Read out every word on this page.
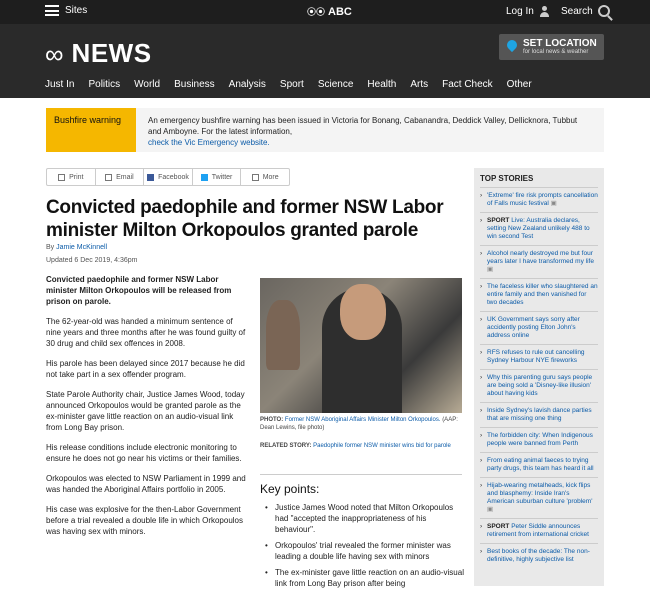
Sites	⦿⦿ ABC	Log In	Search
∞ NEWS	SET LOCATION
for local news & weather
Just In Politics World Business Analysis Sport Science Health Arts Fact Check Other
Bushfire warning	An emergency bushfire warning has been issued in Victoria for Bonang, Cabanandra, Deddick Valley, Dellicknora, Tubbut and Amboyne. For the latest information,
check the Vic Emergency website.
Print	Email	Facebook	Twitter	More
Convicted paedophile and former NSW Labor minister Milton Orkopoulos granted parole
By Jamie McKinnell
Updated 6 Dec 2019, 4:36pm

Convicted paedophile and former NSW Labor minister Milton Orkopoulos will be released from prison on parole.

The 62-year-old was handed a minimum sentence of nine years and three months after he was found guilty of 30 drug and child sex offences in 2008.

His parole has been delayed since 2017 because he did not take part in a sex offender program.

State Parole Authority chair, Justice James Wood, today announced Orkopoulos would be granted parole as the ex-minister gave little reaction on an audio-visual link from Long Bay prison.

His release conditions include electronic monitoring to ensure he does not go near his victims or their families.

Orkopoulos was elected to NSW Parliament in 1999 and was handed the Aboriginal Affairs portfolio in 2005.

His case was explosive for the then-Labor Government before a trial revealed a double life in which Orkopoulos was having sex with minors.

PHOTO: Former NSW Aboriginal Affairs Minister Milton Orkopoulos. (AAP: Dean Lewins, file photo)
RELATED STORY: Paedophile former NSW minister wins bid for parole
Key points:
• Justice James Wood noted that Milton Orkopoulos had "accepted the inappropriateness of his behaviour".
• Orkopoulos' trial revealed the former minister was leading a double life having sex with minors
• The ex-minister gave little reaction on an audio-visual link from Long Bay prison after being
TOP STORIES
› 'Extreme' fire risk prompts cancellation of Falls music festival ▣
› SPORT Live: Australia declares, setting New Zealand unlikely 488 to win second Test
› Alcohol nearly destroyed me but four years later I have transformed my life ▣
› The faceless killer who slaughtered an entire family and then vanished for two decades
› UK Government says sorry after accidently posting Elton John's address online
› RFS refuses to rule out cancelling Sydney Harbour NYE fireworks
› Why this parenting guru says people are being sold a 'Disney-like illusion' about having kids
› Inside Sydney's lavish dance parties that are missing one thing
› The forbidden city: When Indigenous people were banned from Perth
› From eating animal faeces to trying party drugs, this team has heard it all
› Hijab-wearing metalheads, kick flips and blasphemy: Inside Iran's American suburban culture 'problem' ▣
› SPORT Peter Siddle announces retirement from international cricket
› Best books of the decade: The non-definitive, highly subjective list
